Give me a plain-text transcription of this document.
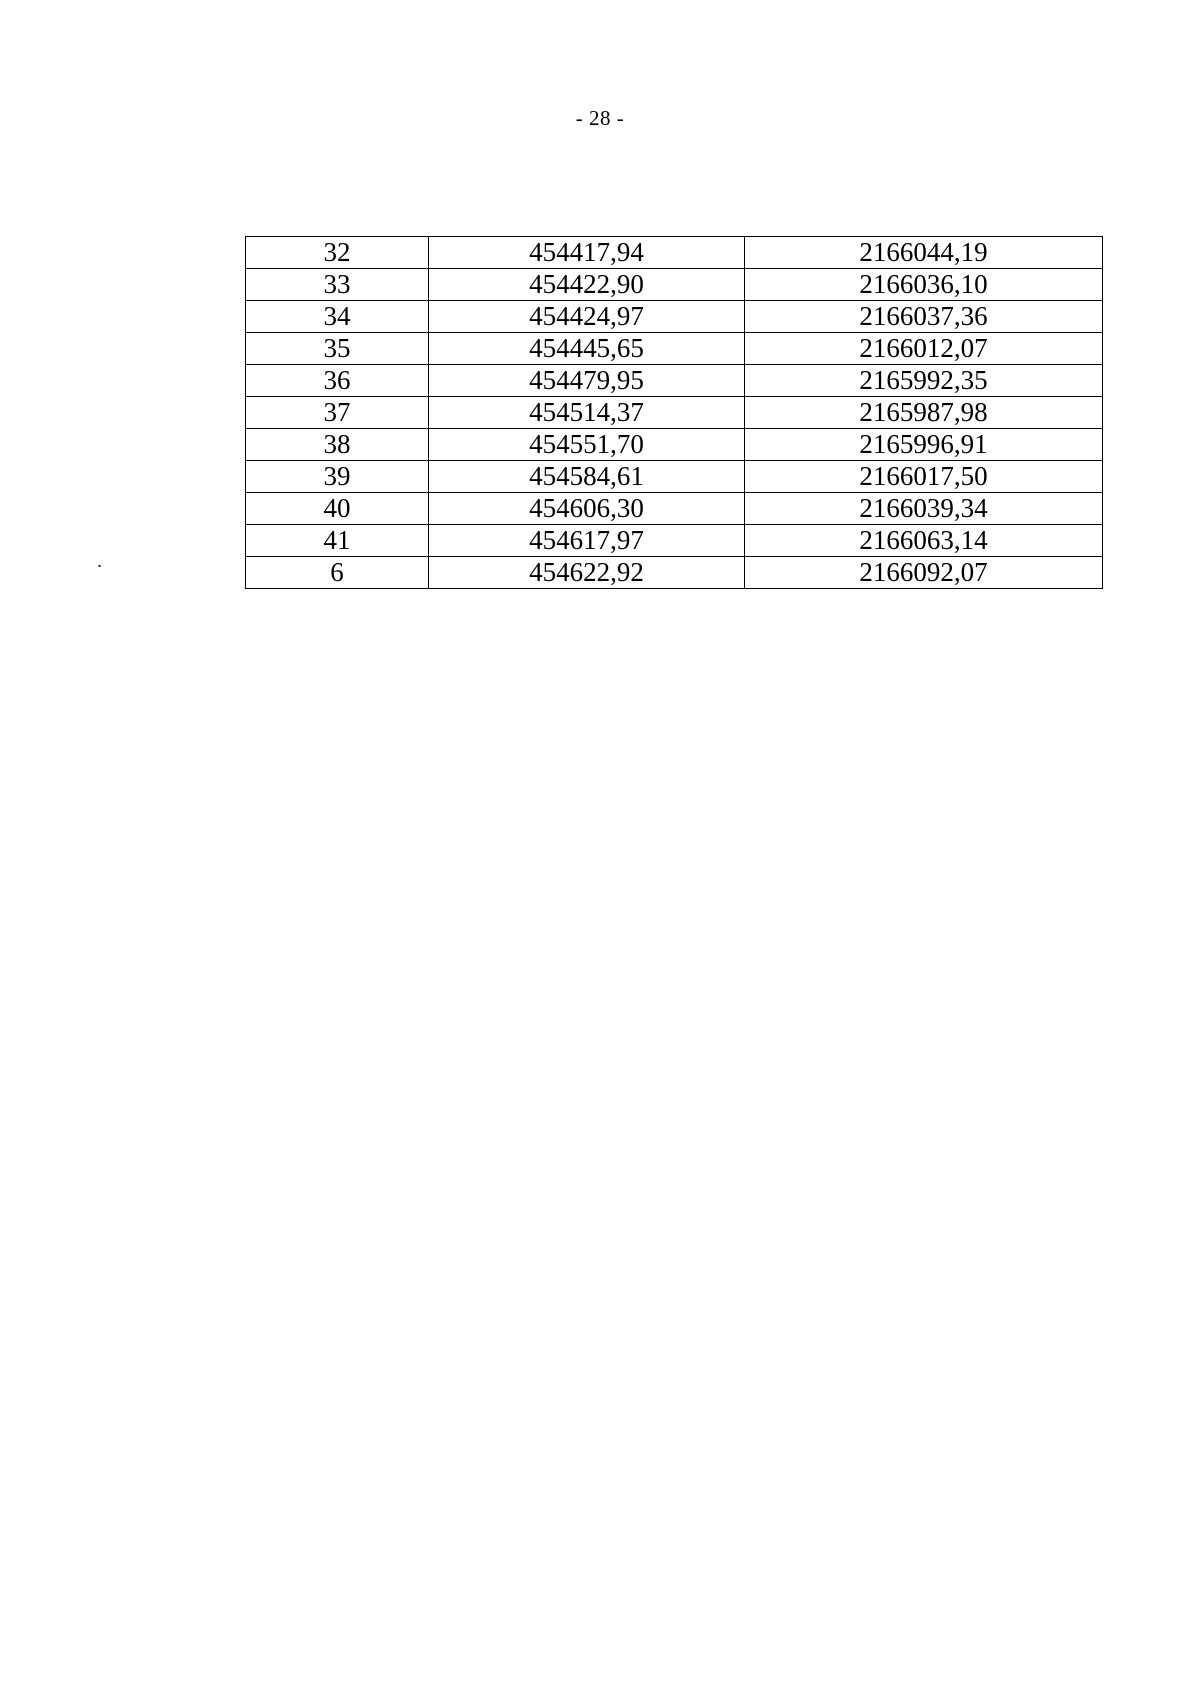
- 28 -
32	454417,94	2166044,19
33	454422,90	2166036,10
34	454424,97	2166037,36
35	454445,65	2166012,07
36	454479,95	2165992,35
37	454514,37	2165987,98
38	454551,70	2165996,91
39	454584,61	2166017,50
40	454606,30	2166039,34
41	454617,97	2166063,14
6	454622,92	2166092,07
